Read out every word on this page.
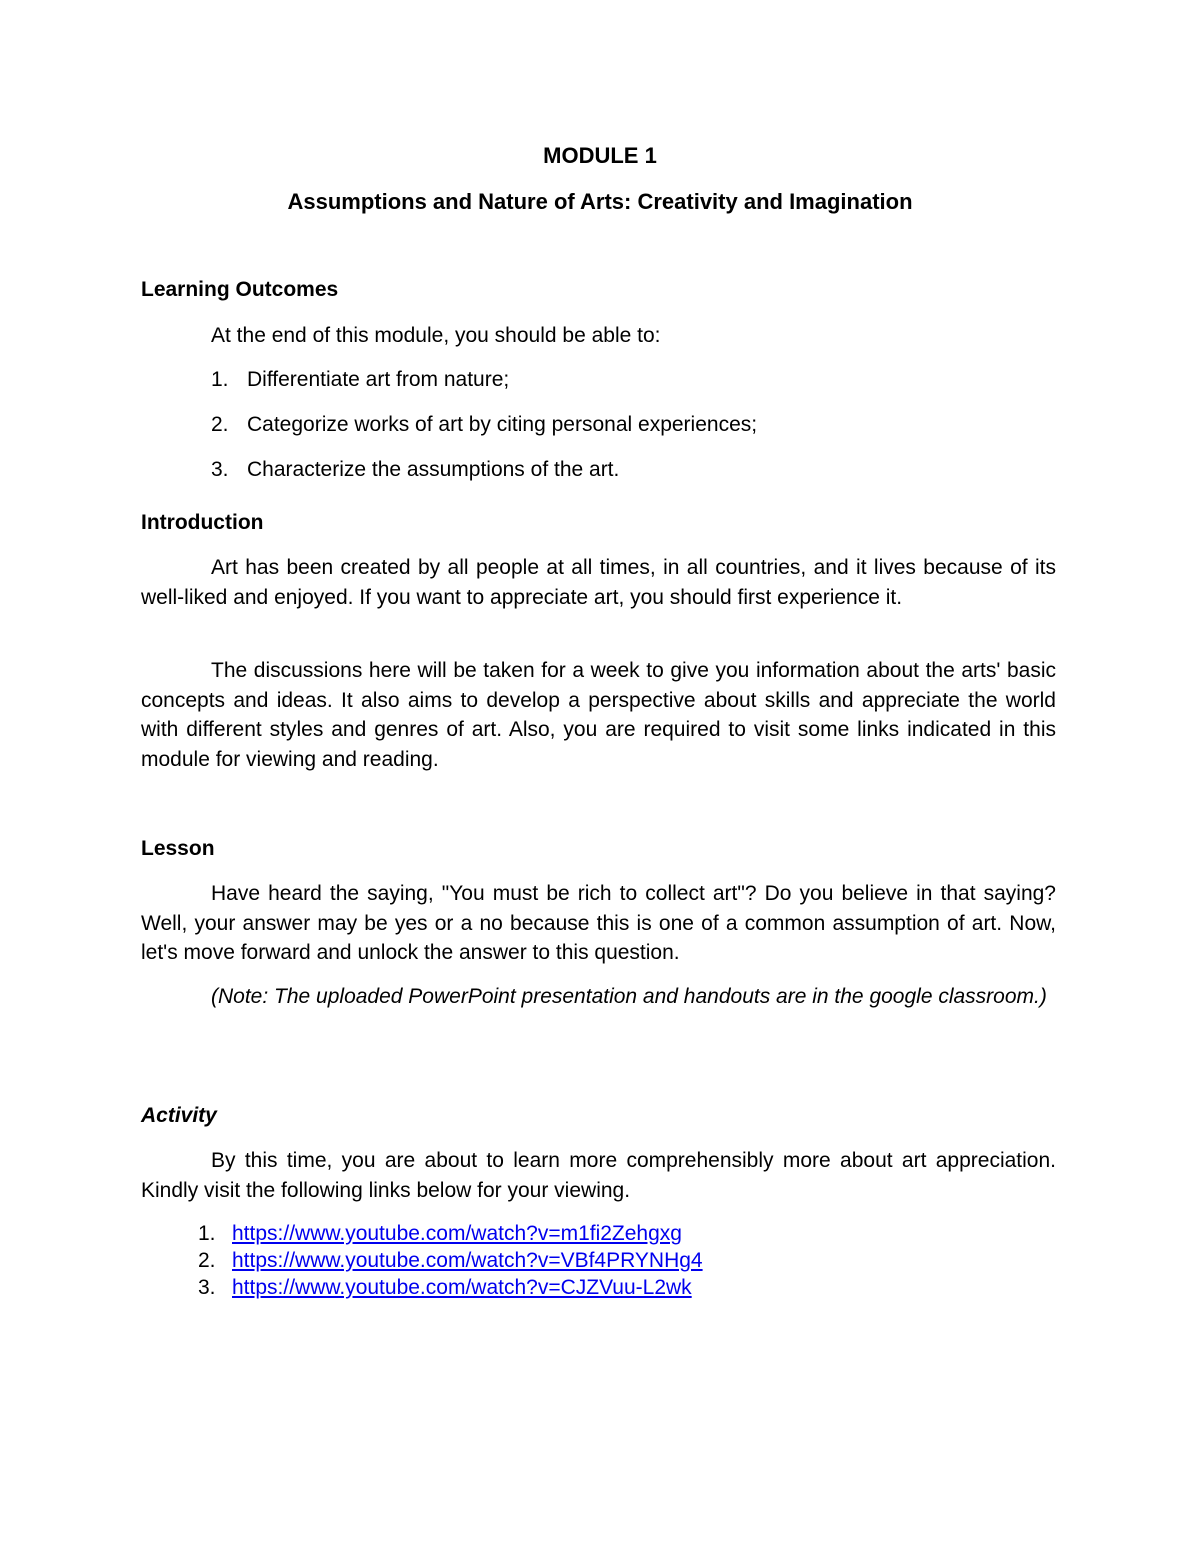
MODULE 1
Assumptions and Nature of Arts: Creativity and Imagination
Learning Outcomes
At the end of this module, you should be able to:
1. Differentiate art from nature;
2. Categorize works of art by citing personal experiences;
3. Characterize the assumptions of the art.
Introduction

Art has been created by all people at all times, in all countries, and it lives because of its well-liked and enjoyed. If you want to appreciate art, you should first experience it.

The discussions here will be taken for a week to give you information about the arts' basic concepts and ideas. It also aims to develop a perspective about skills and appreciate the world with different styles and genres of art. Also, you are required to visit some links indicated in this module for viewing and reading.

Lesson

Have heard the saying, "You must be rich to collect art"? Do you believe in that saying? Well, your answer may be yes or a no because this is one of a common assumption of art. Now, let's move forward and unlock the answer to this question.

(Note: The uploaded PowerPoint presentation and handouts are in the google classroom.)

Activity

By this time, you are about to learn more comprehensibly more about art appreciation. Kindly visit the following links below for your viewing.

1. https://www.youtube.com/watch?v=m1fi2Zehgxg
2. https://www.youtube.com/watch?v=VBf4PRYNHg4
3. https://www.youtube.com/watch?v=CJZVuu-L2wk
